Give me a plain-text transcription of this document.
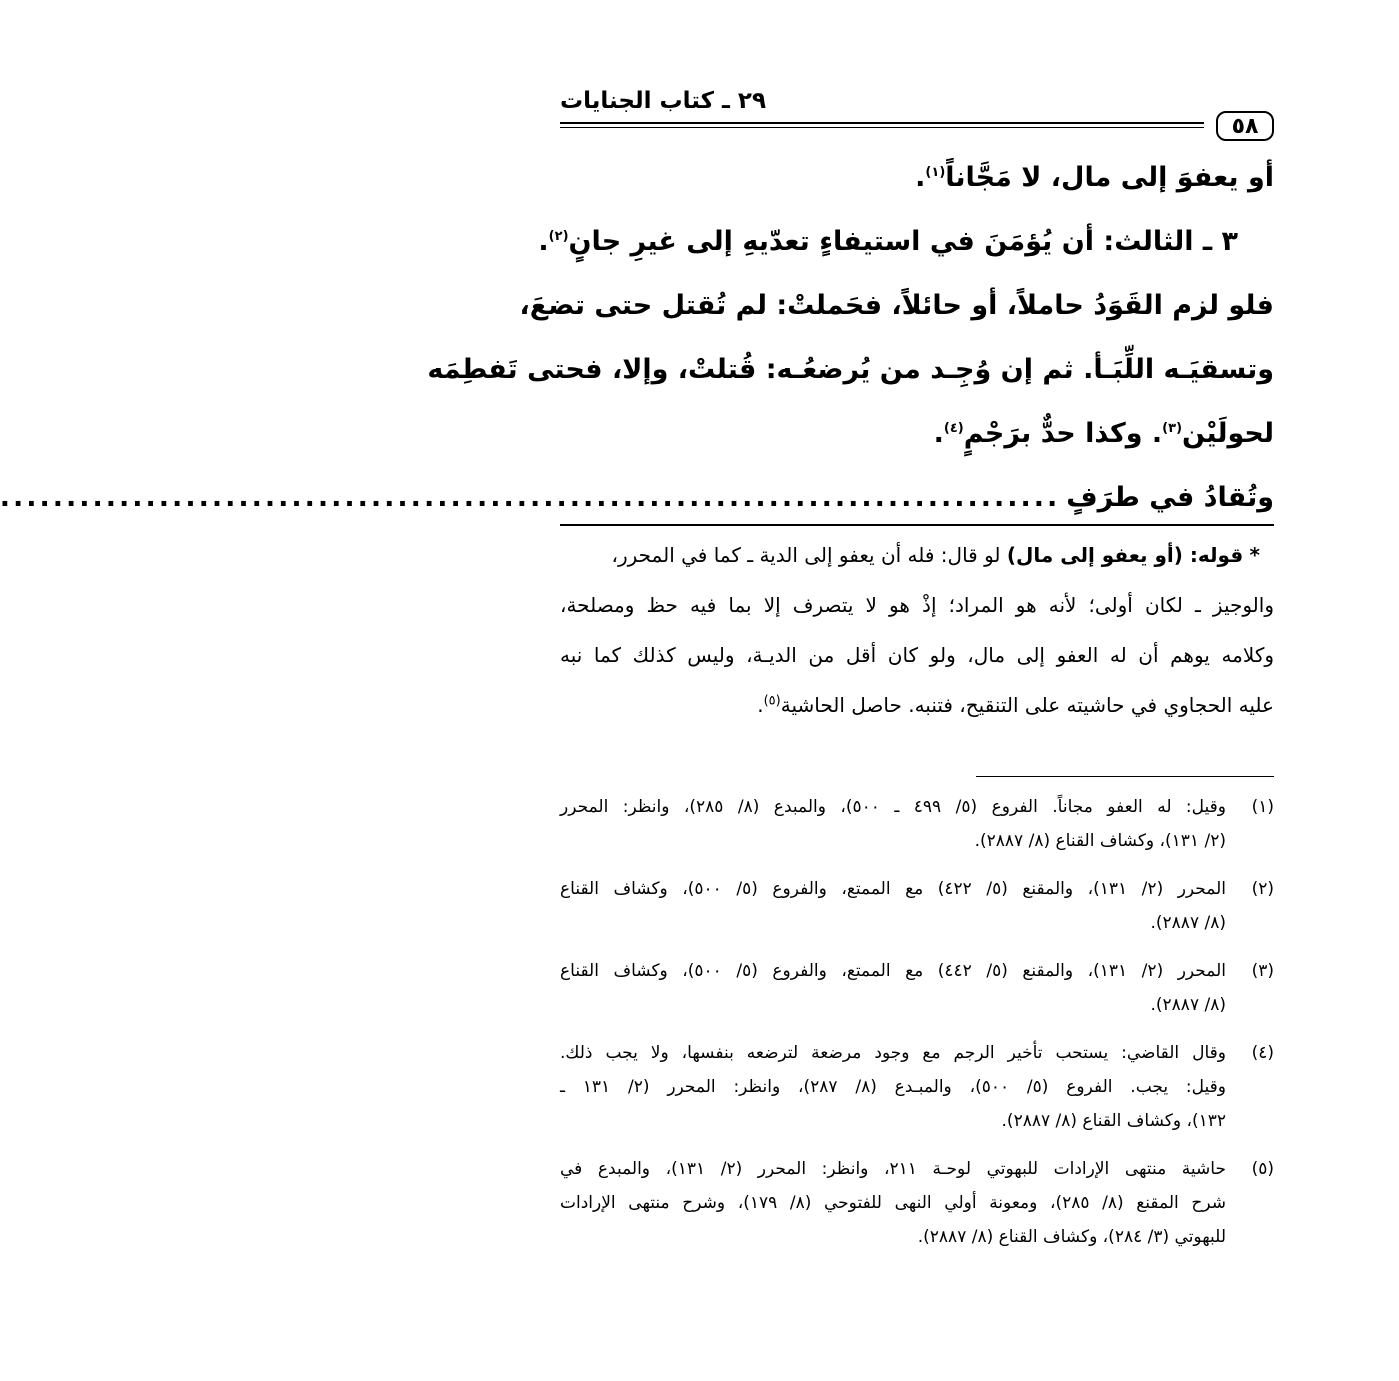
٢٩ ـ كتاب الجنايات
٥٨
أو يعفوَ إلى مال، لا مَجَّاناً$^{(١)}$.
٣ ـ الثالث: أن يُؤمَنَ في استيفاءٍ تعدّيهِ إلى غيرِ جانٍ$^{(٢)}$.
فلو لزم القَوَدُ حاملاً، أو حائلاً، فحَملتْ: لم تُقتل حتى تضعَ،
وتسقيَـه اللِّبَـأ. ثم إن وُجِـد من يُرضعُـه: قُتلتْ، وإلا، فحتى تَفطِمَه
لحولَيْن$^{(٣)}$. وكذا حدٌّ برَجْمٍ$^{(٤)}$.
وتُقادُ في طرَفٍ
................................................................................
* قوله: (أو يعفو إلى مال) لو قال: فله أن يعفو إلى الدية ـ كما في المحرر،
والوجيز ـ لكان أولى؛ لأنه هو المراد؛ إذْ هو لا يتصرف إلا بما فيه حظ ومصلحة،
وكلامه يوهم أن له العفو إلى مال، ولو كان أقل من الديـة، وليس كذلك كما نبه
عليه الحجاوي في حاشيته على التنقيح، فتنبه. حاصل الحاشية$^{(٥)}$.
(١)
وقيل: له العفو مجاناً. الفروع (٥/ ٤٩٩ ـ ٥٠٠)، والمبدع (٨/ ٢٨٥)، وانظر: المحرر
(٢/ ١٣١)، وكشاف القناع (٨/ ٢٨٨٧).
(٢)
المحرر (٢/ ١٣١)، والمقنع (٥/ ٤٢٢) مع الممتع، والفروع (٥/ ٥٠٠)، وكشاف القناع
(٨/ ٢٨٨٧).
(٣)
المحرر (٢/ ١٣١)، والمقنع (٥/ ٤٤٢) مع الممتع، والفروع (٥/ ٥٠٠)، وكشاف القناع
(٨/ ٢٨٨٧).
(٤)
وقال القاضي: يستحب تأخير الرجم مع وجود مرضعة لترضعه بنفسها، ولا يجب ذلك.
وقيل: يجب. الفروع (٥/ ٥٠٠)، والمبـدع (٨/ ٢٨٧)، وانظر: المحرر (٢/ ١٣١ ـ
١٣٢)، وكشاف القناع (٨/ ٢٨٨٧).
(٥)
حاشية منتهى الإرادات للبهوتي لوحـة ٢١١، وانظر: المحرر (٢/ ١٣١)، والمبدع في
شرح المقنع (٨/ ٢٨٥)، ومعونة أولي النهى للفتوحي (٨/ ١٧٩)، وشرح منتهى الإرادات
للبهوتي (٣/ ٢٨٤)، وكشاف القناع (٨/ ٢٨٨٧).
